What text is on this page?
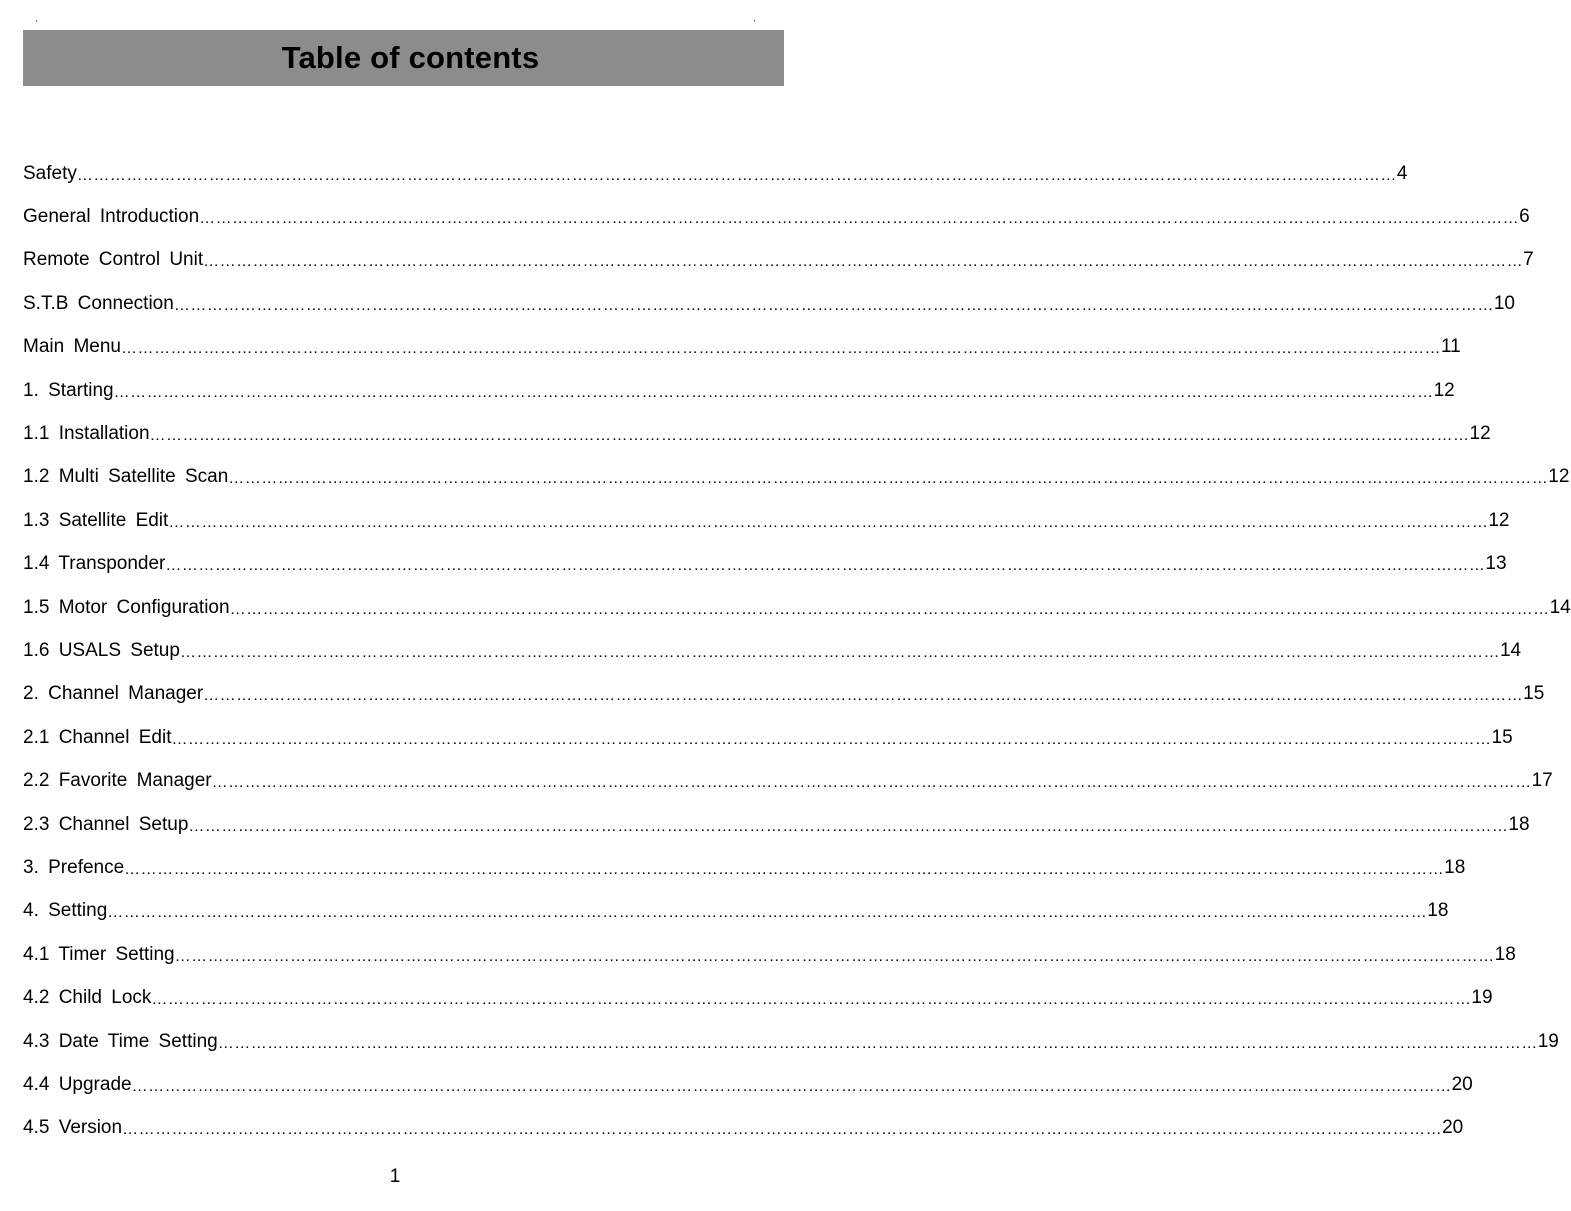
'	'
Table of contents
Safety …………………………………………………………………………………………………………………………………………………………………………………………………………………… 4
General Introduction …………………………………………………………………………………………………………………………………………………………………………………………………………………… 6
Remote Control Unit …………………………………………………………………………………………………………………………………………………………………………………………………………………… 7
S.T.B Connection …………………………………………………………………………………………………………………………………………………………………………………………………………………… 10
Main Menu …………………………………………………………………………………………………………………………………………………………………………………………………………………… 11
1. Starting …………………………………………………………………………………………………………………………………………………………………………………………………………………… 12
1.1 Installation …………………………………………………………………………………………………………………………………………………………………………………………………………………… 12
1.2 Multi Satellite Scan …………………………………………………………………………………………………………………………………………………………………………………………………………………… 12
1.3 Satellite Edit …………………………………………………………………………………………………………………………………………………………………………………………………………………… 12
1.4 Transponder …………………………………………………………………………………………………………………………………………………………………………………………………………………… 13
1.5 Motor Configuration …………………………………………………………………………………………………………………………………………………………………………………………………………………… 14
1.6 USALS Setup …………………………………………………………………………………………………………………………………………………………………………………………………………………… 14
2. Channel Manager …………………………………………………………………………………………………………………………………………………………………………………………………………………… 15
2.1 Channel Edit …………………………………………………………………………………………………………………………………………………………………………………………………………………… 15
2.2 Favorite Manager …………………………………………………………………………………………………………………………………………………………………………………………………………………… 17
2.3 Channel Setup …………………………………………………………………………………………………………………………………………………………………………………………………………………… 18
3. Prefence …………………………………………………………………………………………………………………………………………………………………………………………………………………… 18
4. Setting …………………………………………………………………………………………………………………………………………………………………………………………………………………… 18
4.1 Timer Setting …………………………………………………………………………………………………………………………………………………………………………………………………………………… 18
4.2 Child Lock …………………………………………………………………………………………………………………………………………………………………………………………………………………… 19
4.3 Date Time Setting …………………………………………………………………………………………………………………………………………………………………………………………………………………… 19
4.4 Upgrade …………………………………………………………………………………………………………………………………………………………………………………………………………………… 20
4.5 Version …………………………………………………………………………………………………………………………………………………………………………………………………………………… 20
1
